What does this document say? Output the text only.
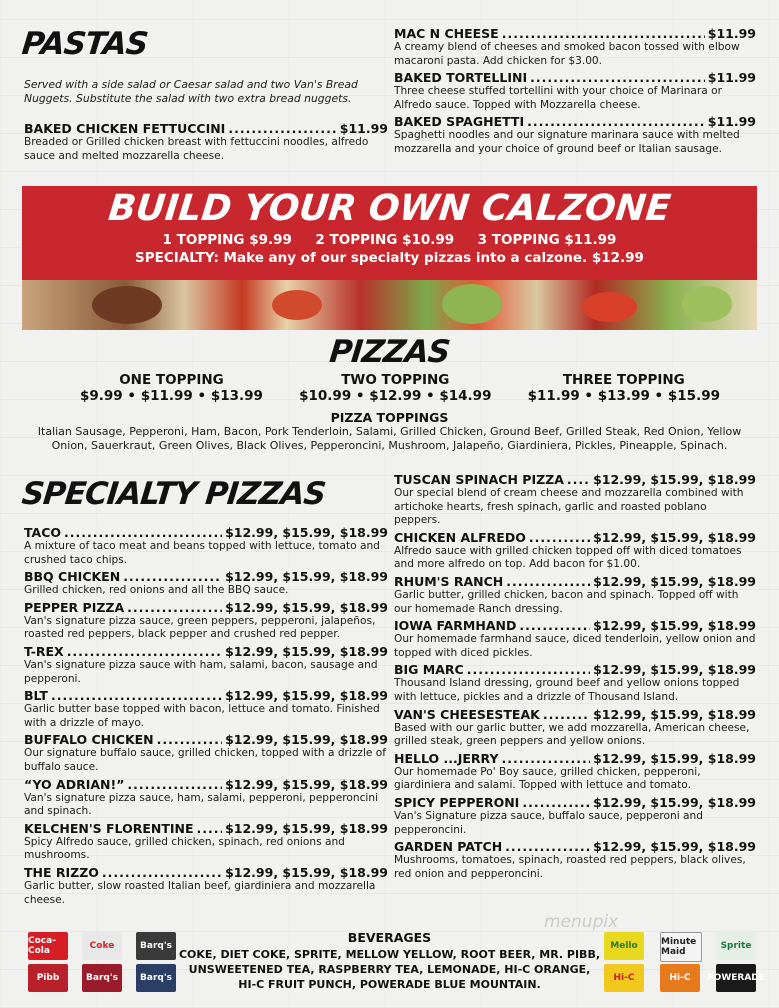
PASTAS
Served with a side salad or Caesar salad and two Van's Bread Nuggets. Substitute the salad with two extra bread nuggets.
BAKED CHICKEN FETTUCCINI .....	$11.99
Breaded or Grilled chicken breast with fettuccini noodles, alfredo sauce and melted mozzarella cheese.
MAC N CHEESE .....	$11.99
A creamy blend of cheeses and smoked bacon tossed with elbow macaroni pasta. Add chicken for $3.00.
BAKED TORTELLINI .....	$11.99
Three cheese stuffed tortellini with your choice of Marinara or Alfredo sauce. Topped with Mozzarella cheese.
BAKED SPAGHETTI .....	$11.99
Spaghetti noodles and our signature marinara sauce with melted mozzarella and your choice of ground beef or Italian sausage.
BUILD YOUR OWN CALZONE
1 TOPPING $9.99     2 TOPPING $10.99     3 TOPPING $11.99
SPECIALTY: Make any of our specialty pizzas into a calzone. $12.99
PIZZAS
ONE TOPPING
$9.99 • $11.99 • $13.99
TWO TOPPING
$10.99 • $12.99 • $14.99
THREE TOPPING
$11.99 • $13.99 • $15.99
PIZZA TOPPINGS
Italian Sausage, Pepperoni, Ham, Bacon, Pork Tenderloin, Salami, Grilled Chicken, Ground Beef, Grilled Steak, Red Onion, Yellow Onion, Sauerkraut, Green Olives, Black Olives, Pepperoncini, Mushroom, Jalapeño, Giardiniera, Pickles, Pineapple, Spinach.
SPECIALTY PIZZAS
TACO .....	$12.99, $15.99, $18.99
A mixture of taco meat and beans topped with lettuce, tomato and crushed taco chips.
BBQ CHICKEN .....	$12.99, $15.99, $18.99
Grilled chicken, red onions and all the BBQ sauce.
PEPPER PIZZA .....	$12.99, $15.99, $18.99
Van's signature pizza sauce, green peppers, pepperoni, jalapeños, roasted red peppers, black pepper and crushed red pepper.
T-REX .....	$12.99, $15.99, $18.99
Van's signature pizza sauce with ham, salami, bacon, sausage and pepperoni.
BLT .....	$12.99, $15.99, $18.99
Garlic butter base topped with bacon, lettuce and tomato. Finished with a drizzle of mayo.
BUFFALO CHICKEN .....	$12.99, $15.99, $18.99
Our signature buffalo sauce, grilled chicken, topped with a drizzle of buffalo sauce.
“YO ADRIAN!” .....	$12.99, $15.99, $18.99
Van's signature pizza sauce, ham, salami, pepperoni, pepperoncini and spinach.
KELCHEN'S FLORENTINE .....	$12.99, $15.99, $18.99
Spicy Alfredo sauce, grilled chicken, spinach, red onions and mushrooms.
THE RIZZO .....	$12.99, $15.99, $18.99
Garlic butter, slow roasted Italian beef, giardiniera and mozzarella cheese.
TUSCAN SPINACH PIZZA ..... $12.99, $15.99, $18.99
Our special blend of cream cheese and mozzarella combined with artichoke hearts, fresh spinach, garlic and roasted poblano peppers.
CHICKEN ALFREDO .....	$12.99, $15.99, $18.99
Alfredo sauce with grilled chicken topped off with diced tomatoes and more alfredo on top. Add bacon for $1.00.
RHUM'S RANCH .....	$12.99, $15.99, $18.99
Garlic butter, grilled chicken, bacon and spinach. Topped off with our homemade Ranch dressing.
IOWA FARMHAND .....	$12.99, $15.99, $18.99
Our homemade farmhand sauce, diced tenderloin, yellow onion and topped with diced pickles.
BIG MARC .....	$12.99, $15.99, $18.99
Thousand Island dressing, ground beef and yellow onions topped with lettuce, pickles and a drizzle of Thousand Island.
VAN'S CHEESESTEAK .....	$12.99, $15.99, $18.99
Based with our garlic butter, we add mozzarella, American cheese, grilled steak, green peppers and yellow onions.
HELLO ...JERRY .....	$12.99, $15.99, $18.99
Our homemade Po' Boy sauce, grilled chicken, pepperoni, giardiniera and salami. Topped with lettuce and tomato.
SPICY PEPPERONI .....	$12.99, $15.99, $18.99
Van's Signature pizza sauce, buffalo sauce, pepperoni and pepperoncini.
GARDEN PATCH .....	$12.99, $15.99, $18.99
Mushrooms, tomatoes, spinach, roasted red peppers, black olives, red onion and pepperoncini.
Coca-Cola	Coke	Barq's
Pibb	Barq's	Barq's
BEVERAGES
COKE, DIET COKE, SPRITE, MELLOW YELLOW, ROOT BEER, MR. PIBB,
UNSWEETENED TEA, RASPBERRY TEA, LEMONADE, HI-C ORANGE,
HI-C FRUIT PUNCH, POWERADE BLUE MOUNTAIN.
Mello	Minute Maid
Sprite
Hi-C	Hi-C	POWERADE
menupix
